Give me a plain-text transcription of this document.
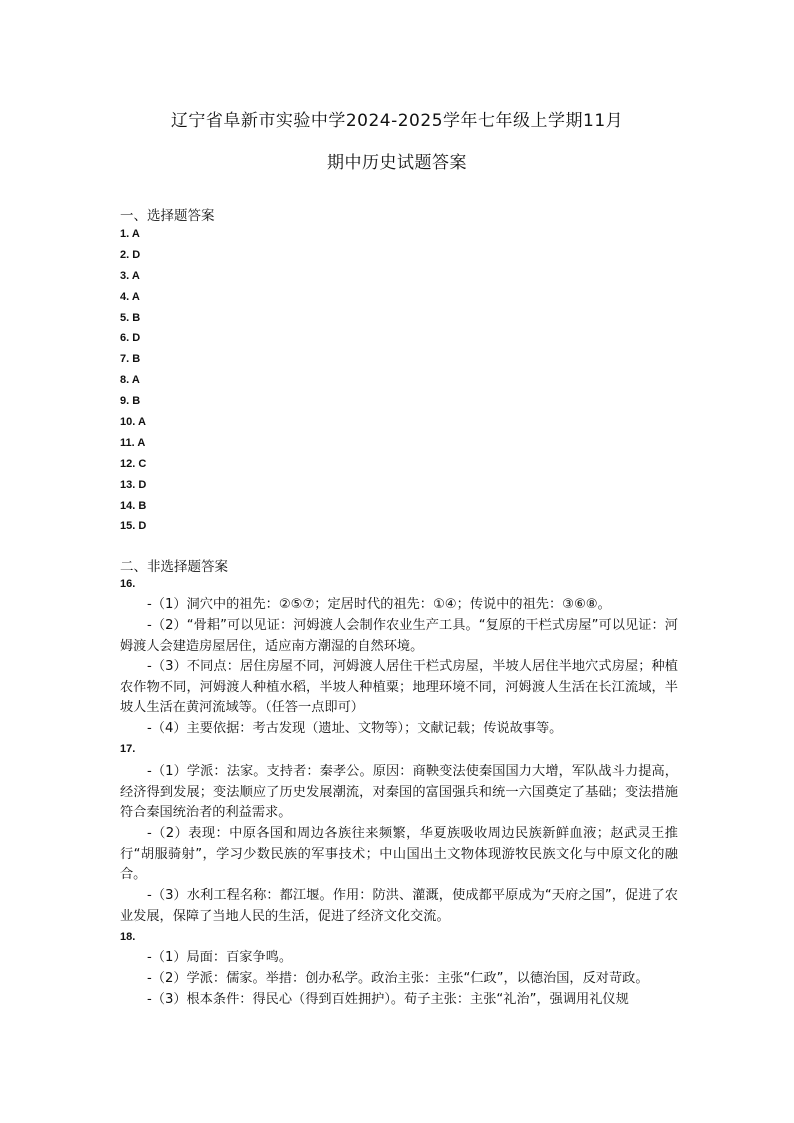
辽宁省阜新市实验中学2024-2025学年七年级上学期11月
期中历史试题答案
一、选择题答案
1. A
2. D
3. A
4. A
5. B
6. D
7. B
8. A
9. B
10. A
11. A
12. C
13. D
14. B
15. D
二、非选择题答案
16.
-（1）洞穴中的祖先：②⑤⑦；定居时代的祖先：①④；传说中的祖先：③⑥⑧。
-（2）“骨耜”可以见证：河姆渡人会制作农业生产工具。“复原的干栏式房屋”可以见证：河姆渡人会建造房屋居住，适应南方潮湿的自然环境。
-（3）不同点：居住房屋不同，河姆渡人居住干栏式房屋，半坡人居住半地穴式房屋；种植农作物不同，河姆渡人种植水稻，半坡人种植粟；地理环境不同，河姆渡人生活在长江流域，半坡人生活在黄河流域等。（任答一点即可）
-（4）主要依据：考古发现（遗址、文物等）；文献记载；传说故事等。
17.
-（1）学派：法家。支持者：秦孝公。原因：商鞅变法使秦国国力大增，军队战斗力提高，经济得到发展；变法顺应了历史发展潮流，对秦国的富国强兵和统一六国奠定了基础；变法措施符合秦国统治者的利益需求。
-（2）表现：中原各国和周边各族往来频繁，华夏族吸收周边民族新鲜血液；赵武灵王推行“胡服骑射”，学习少数民族的军事技术；中山国出土文物体现游牧民族文化与中原文化的融合。
-（3）水利工程名称：都江堰。作用：防洪、灌溉，使成都平原成为“天府之国”，促进了农业发展，保障了当地人民的生活，促进了经济文化交流。
18.
-（1）局面：百家争鸣。
-（2）学派：儒家。举措：创办私学。政治主张：主张“仁政”，以德治国，反对苛政。
-（3）根本条件：得民心（得到百姓拥护）。荀子主张：主张“礼治”，强调用礼仪规
